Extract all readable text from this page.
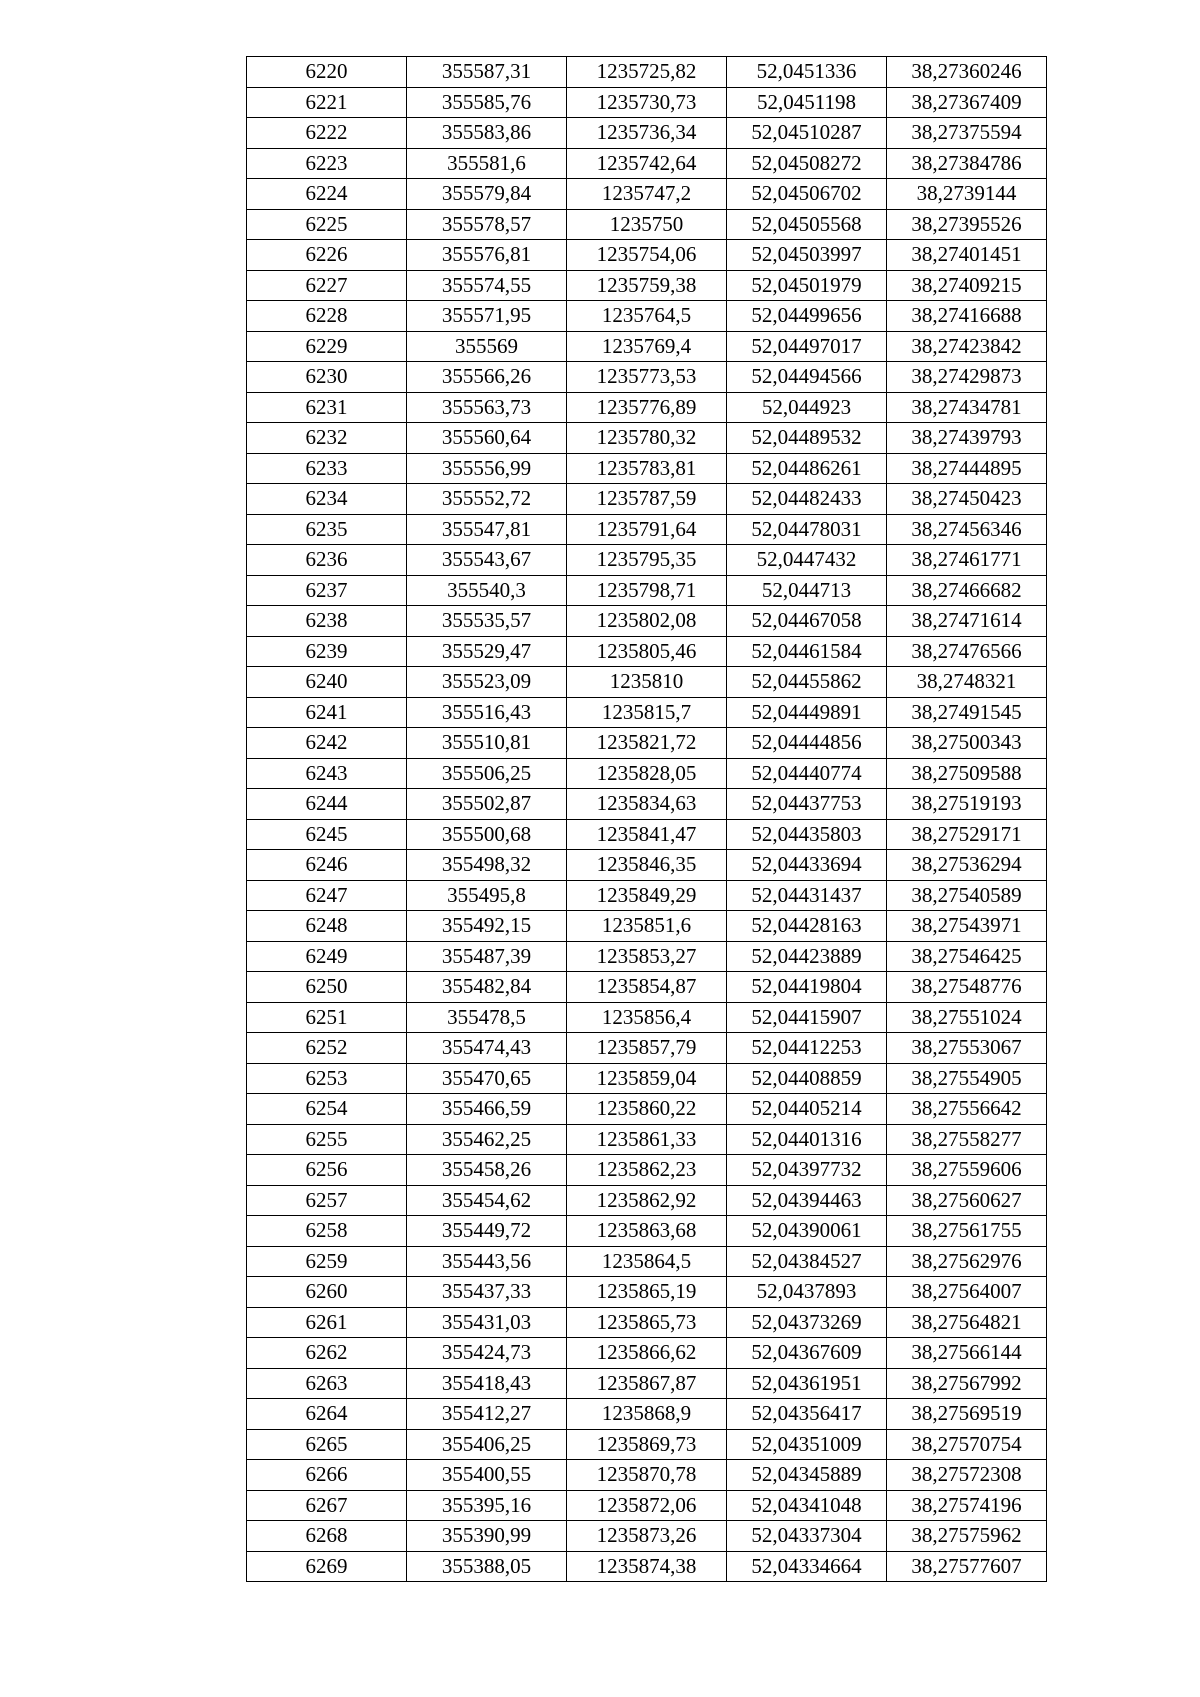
6220	355587,31	1235725,82	52,0451336	38,27360246
6221	355585,76	1235730,73	52,0451198	38,27367409
6222	355583,86	1235736,34	52,04510287	38,27375594
6223	355581,6	1235742,64	52,04508272	38,27384786
6224	355579,84	1235747,2	52,04506702	38,2739144
6225	355578,57	1235750	52,04505568	38,27395526
6226	355576,81	1235754,06	52,04503997	38,27401451
6227	355574,55	1235759,38	52,04501979	38,27409215
6228	355571,95	1235764,5	52,04499656	38,27416688
6229	355569	1235769,4	52,04497017	38,27423842
6230	355566,26	1235773,53	52,04494566	38,27429873
6231	355563,73	1235776,89	52,044923	38,27434781
6232	355560,64	1235780,32	52,04489532	38,27439793
6233	355556,99	1235783,81	52,04486261	38,27444895
6234	355552,72	1235787,59	52,04482433	38,27450423
6235	355547,81	1235791,64	52,04478031	38,27456346
6236	355543,67	1235795,35	52,0447432	38,27461771
6237	355540,3	1235798,71	52,044713	38,27466682
6238	355535,57	1235802,08	52,04467058	38,27471614
6239	355529,47	1235805,46	52,04461584	38,27476566
6240	355523,09	1235810	52,04455862	38,2748321
6241	355516,43	1235815,7	52,04449891	38,27491545
6242	355510,81	1235821,72	52,04444856	38,27500343
6243	355506,25	1235828,05	52,04440774	38,27509588
6244	355502,87	1235834,63	52,04437753	38,27519193
6245	355500,68	1235841,47	52,04435803	38,27529171
6246	355498,32	1235846,35	52,04433694	38,27536294
6247	355495,8	1235849,29	52,04431437	38,27540589
6248	355492,15	1235851,6	52,04428163	38,27543971
6249	355487,39	1235853,27	52,04423889	38,27546425
6250	355482,84	1235854,87	52,04419804	38,27548776
6251	355478,5	1235856,4	52,04415907	38,27551024
6252	355474,43	1235857,79	52,04412253	38,27553067
6253	355470,65	1235859,04	52,04408859	38,27554905
6254	355466,59	1235860,22	52,04405214	38,27556642
6255	355462,25	1235861,33	52,04401316	38,27558277
6256	355458,26	1235862,23	52,04397732	38,27559606
6257	355454,62	1235862,92	52,04394463	38,27560627
6258	355449,72	1235863,68	52,04390061	38,27561755
6259	355443,56	1235864,5	52,04384527	38,27562976
6260	355437,33	1235865,19	52,0437893	38,27564007
6261	355431,03	1235865,73	52,04373269	38,27564821
6262	355424,73	1235866,62	52,04367609	38,27566144
6263	355418,43	1235867,87	52,04361951	38,27567992
6264	355412,27	1235868,9	52,04356417	38,27569519
6265	355406,25	1235869,73	52,04351009	38,27570754
6266	355400,55	1235870,78	52,04345889	38,27572308
6267	355395,16	1235872,06	52,04341048	38,27574196
6268	355390,99	1235873,26	52,04337304	38,27575962
6269	355388,05	1235874,38	52,04334664	38,27577607
